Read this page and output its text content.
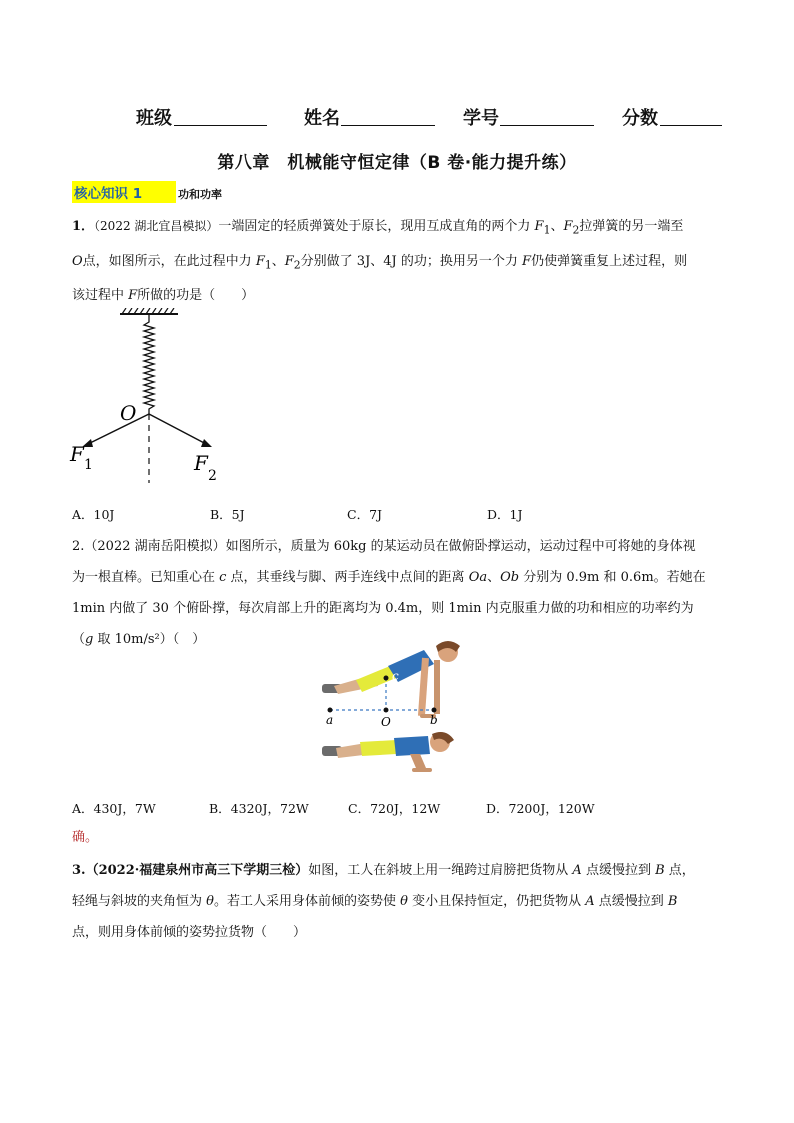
班级	姓名	学号	分数
第八章　机械能守恒定律（B 卷·能力提升练）
核心知识 1	功和功率
1．（2022 湖北宜昌模拟）一端固定的轻质弹簧处于原长，现用互成直角的两个力 $F_1$、$F_2$拉弹簧的另一端至
O点，如图所示，在此过程中力 $F_1$、$F_2$分别做了 3J、4J 的功；换用另一个力 F仍使弹簧重复上述过程，则
该过程中 F所做的功是（　　）
O
F 1	F
2
A．10J	B．5J	C．7J	D．1J
2.（2022 湖南岳阳模拟）如图所示，质量为 60kg 的某运动员在做俯卧撑运动，运动过程中可将她的身体视
为一根直棒。已知重心在 c 点，其垂线与脚、两手连线中点间的距离 Oa、Ob 分别为 0.9m 和 0.6m。若她在
1min 内做了 30 个俯卧撑，每次肩部上升的距离均为 0.4m，则 1min 内克服重力做的功和相应的功率约为
（g 取 10m/s²）（　）
c
a	O	b
A．430J，7W	B．4320J，72W	C．720J，12W	D．7200J，120W
确。
3.（2022·福建泉州市高三下学期三检）如图，工人在斜坡上用一绳跨过肩膀把货物从 A 点缓慢拉到 B 点，
轻绳与斜坡的夹角恒为 θ。若工人采用身体前倾的姿势使 θ 变小且保持恒定，仍把货物从 A 点缓慢拉到 B
点，则用身体前倾的姿势拉货物（　　）
